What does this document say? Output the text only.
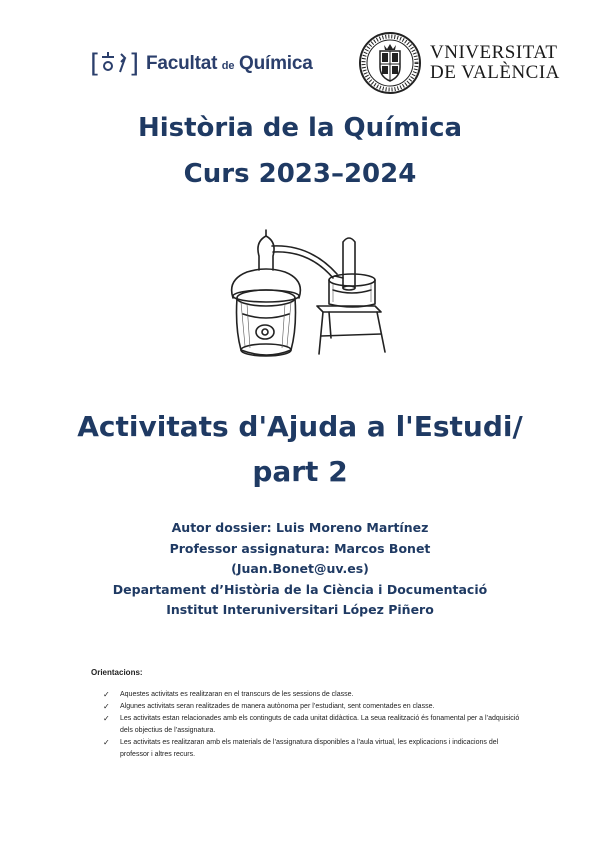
[ ] Facultat de Química
VNIVERSITAT
DE VALÈNCIA
Història de la Química
Curs 2023–2024
Activitats d'Ajuda a l'Estudi/
part 2
Autor dossier: Luis Moreno Martínez
Professor assignatura: Marcos Bonet
(Juan.Bonet@uv.es)
Departament d’Història de la Ciència i Documentació
Institut Interuniversitari López Piñero
Orientacions:
✓ Aquestes activitats es realitzaran en el transcurs de les sessions de classe.
✓ Algunes activitats seran realitzades de manera autònoma per l’estudiant, sent comentades en classe.
✓ Les activitats estan relacionades amb els continguts de cada unitat didàctica. La seua realització és fonamental per a l’adquisició dels objectius de l’assignatura.
✓ Les activitats es realitzaran amb els materials de l’assignatura disponibles a l’aula virtual, les explicacions i indicacions del professor i altres recurs.
